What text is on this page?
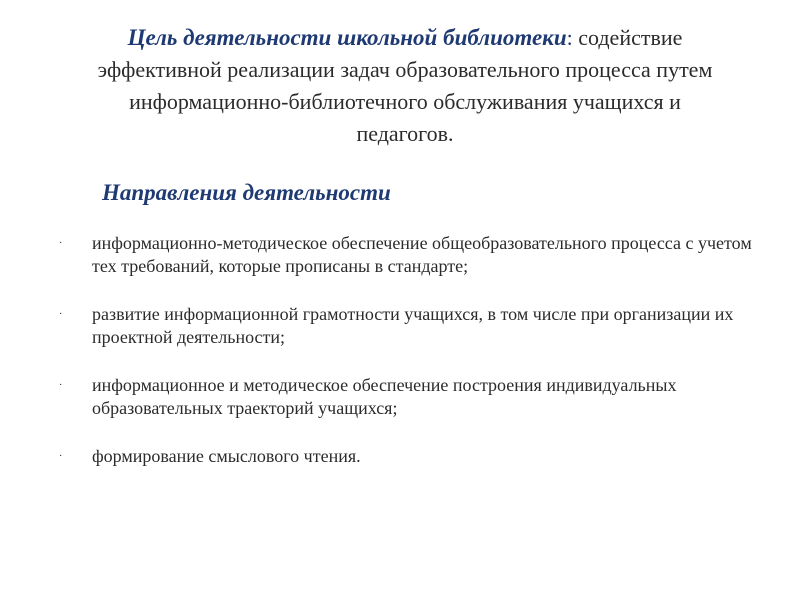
Цель деятельности школьной библиотеки: содействие эффективной реализации задач образовательного процесса путем информационно-библиотечного обслуживания учащихся и педагогов.
Направления деятельности
· информационно-методическое обеспечение общеобразовательного процесса с учетом тех требований, которые прописаны в стандарте;
· развитие информационной грамотности учащихся, в том числе при организации их проектной деятельности;
· информационное и методическое обеспечение построения индивидуальных образовательных траекторий учащихся;
· формирование смыслового чтения.
